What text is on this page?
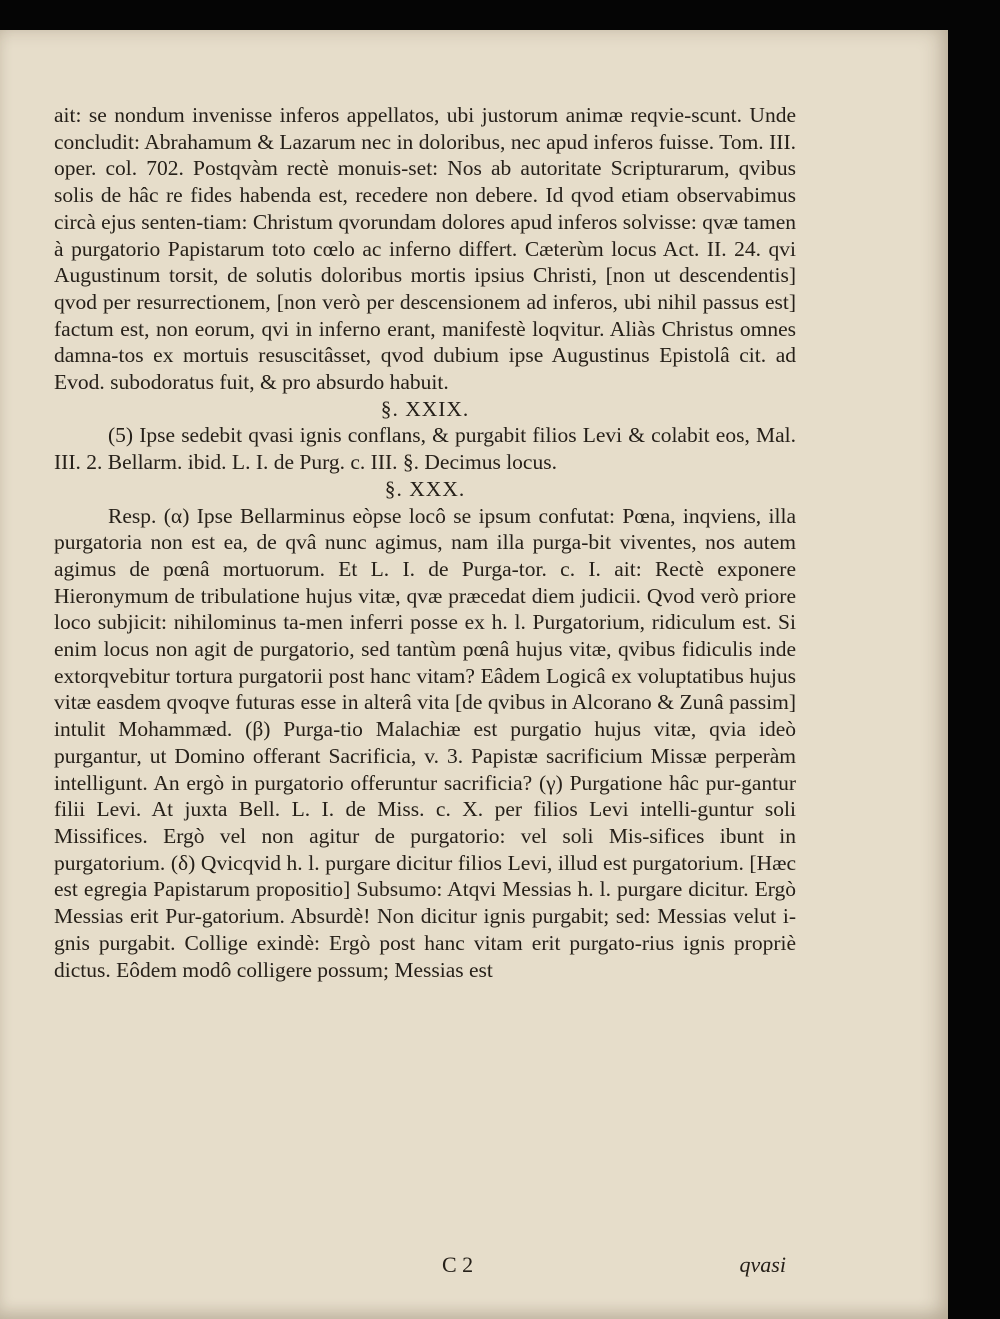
ait: se nondum invenisse inferos appellatos, ubi justorum animæ reqvie-scunt. Unde concludit: Abrahamum & Lazarum nec in doloribus, nec apud inferos fuisse. Tom. III. oper. col. 702. Postqvàm rectè monuis-set: Nos ab autoritate Scripturarum, qvibus solis de hâc re fides habenda est, recedere non debere. Id qvod etiam observabimus circà ejus senten-tiam: Christum qvorundam dolores apud inferos solvisse: qvæ tamen à purgatorio Papistarum toto cœlo ac inferno differt. Cæterùm locus Act. II. 24. qvi Augustinum torsit, de solutis doloribus mortis ipsius Christi, [non ut descendentis] qvod per resurrectionem, [non verò per descensionem ad inferos, ubi nihil passus est] factum est, non eorum, qvi in inferno erant, manifestè loqvitur. Aliàs Christus omnes damna-tos ex mortuis resuscitâsset, qvod dubium ipse Augustinus Epistolâ cit. ad Evod. subodoratus fuit, & pro absurdo habuit.

§. XXIX.

(5) Ipse sedebit qvasi ignis conflans, & purgabit filios Levi & colabit eos, Mal. III. 2. Bellarm. ibid. L. I. de Purg. c. III. §. Decimus locus.

§. XXX.

Resp. (α) Ipse Bellarminus eòpse locô se ipsum confutat: Pœna, inqviens, illa purgatoria non est ea, de qvâ nunc agimus, nam illa purga-bit viventes, nos autem agimus de pœnâ mortuorum. Et L. I. de Purga-tor. c. I. ait: Rectè exponere Hieronymum de tribulatione hujus vitæ, qvæ præcedat diem judicii. Qvod verò priore loco subjicit: nihilominus ta-men inferri posse ex h. l. Purgatorium, ridiculum est. Si enim locus non agit de purgatorio, sed tantùm pœnâ hujus vitæ, qvibus fidiculis inde extorqvebitur tortura purgatorii post hanc vitam? Eâdem Logicâ ex voluptatibus hujus vitæ easdem qvoqve futuras esse in alterâ vita [de qvibus in Alcorano & Zunâ passim] intulit Mohammæd. (β) Purga-tio Malachiæ est purgatio hujus vitæ, qvia ideò purgantur, ut Domino offerant Sacrificia, v. 3. Papistæ sacrificium Missæ perperàm intelligunt. An ergò in purgatorio offeruntur sacrificia? (γ) Purgatione hâc pur-gantur filii Levi. At juxta Bell. L. I. de Miss. c. X. per filios Levi intelli-guntur soli Missifices. Ergò vel non agitur de purgatorio: vel soli Mis-sifices ibunt in purgatorium. (δ) Qvicqvid h. l. purgare dicitur filios Levi, illud est purgatorium. [Hæc est egregia Papistarum propositio] Subsumo: Atqvi Messias h. l. purgare dicitur. Ergò Messias erit Pur-gatorium. Absurdè! Non dicitur ignis purgabit; sed: Messias velut i-gnis purgabit. Collige exindè: Ergò post hanc vitam erit purgato-rius ignis propriè dictus. Eôdem modô colligere possum; Messias est

C 2	qvasi
